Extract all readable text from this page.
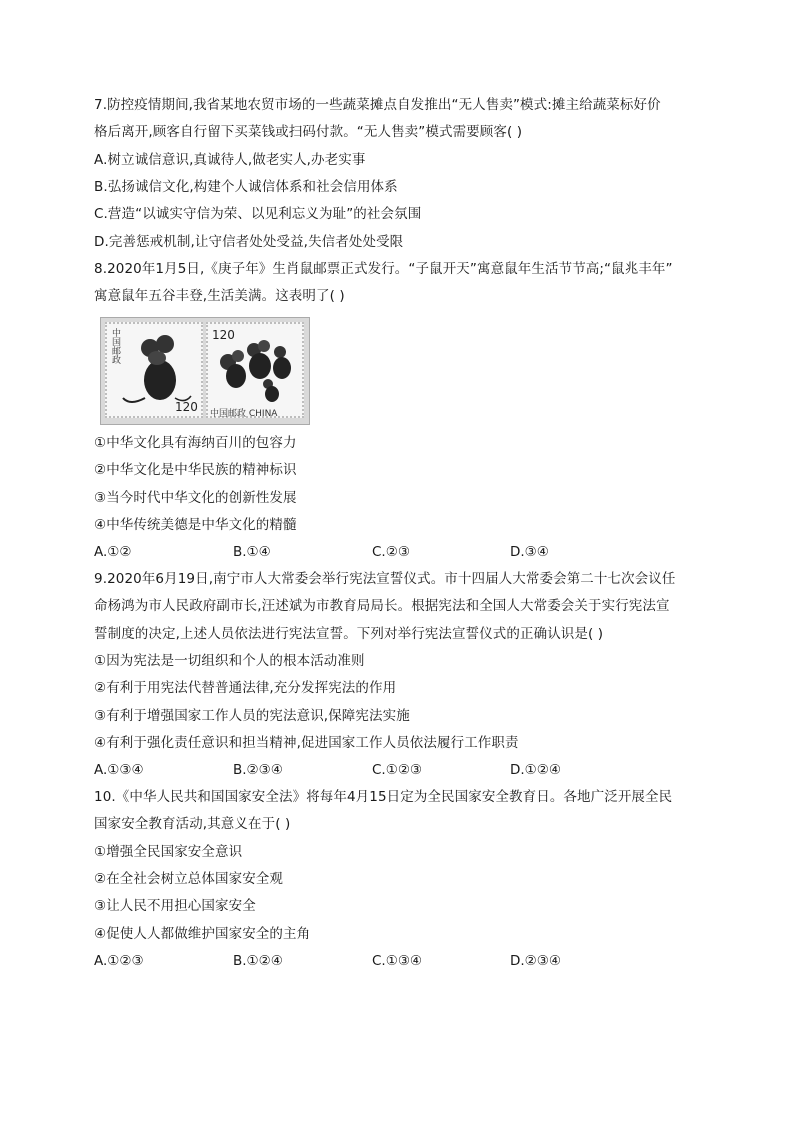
7.防控疫情期间,我省某地农贸市场的一些蔬菜摊点自发推出“无人售卖”模式:摊主给蔬菜标好价
格后离开,顾客自行留下买菜钱或扫码付款。“无人售卖”模式需要顾客( )
A.树立诚信意识,真诚待人,做老实人,办老实事
B.弘扬诚信文化,构建个人诚信体系和社会信用体系
C.营造“以诚实守信为荣、以见利忘义为耻”的社会氛围
D.完善惩戒机制,让守信者处处受益,失信者处处受限
8.2020年1月5日,《庚子年》生肖鼠邮票正式发行。“子鼠开天”寓意鼠年生活节节高;“鼠兆丰年”
寓意鼠年五谷丰登,生活美满。这表明了( )
中国邮政
120
120
中国邮政 CHINA
①中华文化具有海纳百川的包容力
②中华文化是中华民族的精神标识
③当今时代中华文化的创新性发展
④中华传统美德是中华文化的精髓
A.①②	B.①④	C.②③	D.③④
9.2020年6月19日,南宁市人大常委会举行宪法宣誓仪式。市十四届人大常委会第二十七次会议任
命杨鸿为市人民政府副市长,汪述斌为市教育局局长。根据宪法和全国人大常委会关于实行宪法宣
誓制度的决定,上述人员依法进行宪法宣誓。下列对举行宪法宣誓仪式的正确认识是( )
①因为宪法是一切组织和个人的根本活动准则
②有利于用宪法代替普通法律,充分发挥宪法的作用
③有利于增强国家工作人员的宪法意识,保障宪法实施
④有利于强化责任意识和担当精神,促进国家工作人员依法履行工作职责
A.①③④	B.②③④	C.①②③	D.①②④
10.《中华人民共和国国家安全法》将每年4月15日定为全民国家安全教育日。各地广泛开展全民
国家安全教育活动,其意义在于( )
①增强全民国家安全意识
②在全社会树立总体国家安全观
③让人民不用担心国家安全
④促使人人都做维护国家安全的主角
A.①②③	B.①②④	C.①③④	D.②③④
